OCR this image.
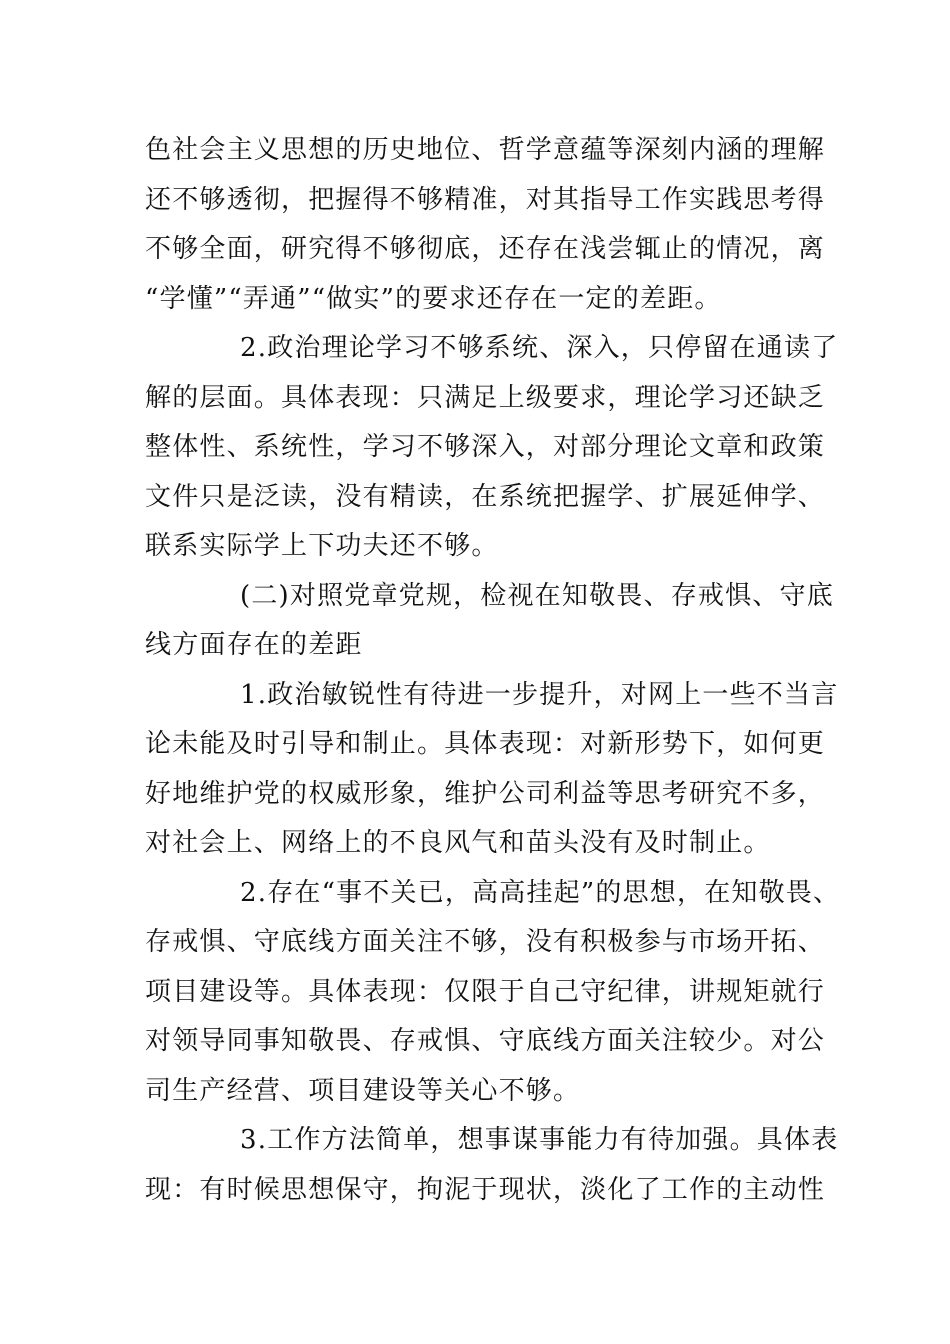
色社会主义思想的历史地位、哲学意蕴等深刻内涵的理解
还不够透彻，把握得不够精准，对其指导工作实践思考得
不够全面，研究得不够彻底，还存在浅尝辄止的情况，离
“学懂”“弄通”“做实”的要求还存在一定的差距。
2.政治理论学习不够系统、深入，只停留在通读了
解的层面。具体表现：只满足上级要求，理论学习还缺乏
整体性、系统性，学习不够深入，对部分理论文章和政策
文件只是泛读，没有精读，在系统把握学、扩展延伸学、
联系实际学上下功夫还不够。
(二)对照党章党规，检视在知敬畏、存戒惧、守底
线方面存在的差距
1.政治敏锐性有待进一步提升，对网上一些不当言
论未能及时引导和制止。具体表现：对新形势下，如何更
好地维护党的权威形象，维护公司利益等思考研究不多，
对社会上、网络上的不良风气和苗头没有及时制止。
2.存在“事不关已，高高挂起”的思想，在知敬畏、
存戒惧、守底线方面关注不够，没有积极参与市场开拓、
项目建设等。具体表现：仅限于自己守纪律，讲规矩就行
对领导同事知敬畏、存戒惧、守底线方面关注较少。对公
司生产经营、项目建设等关心不够。
3.工作方法简单，想事谋事能力有待加强。具体表
现：有时候思想保守，拘泥于现状，淡化了工作的主动性
